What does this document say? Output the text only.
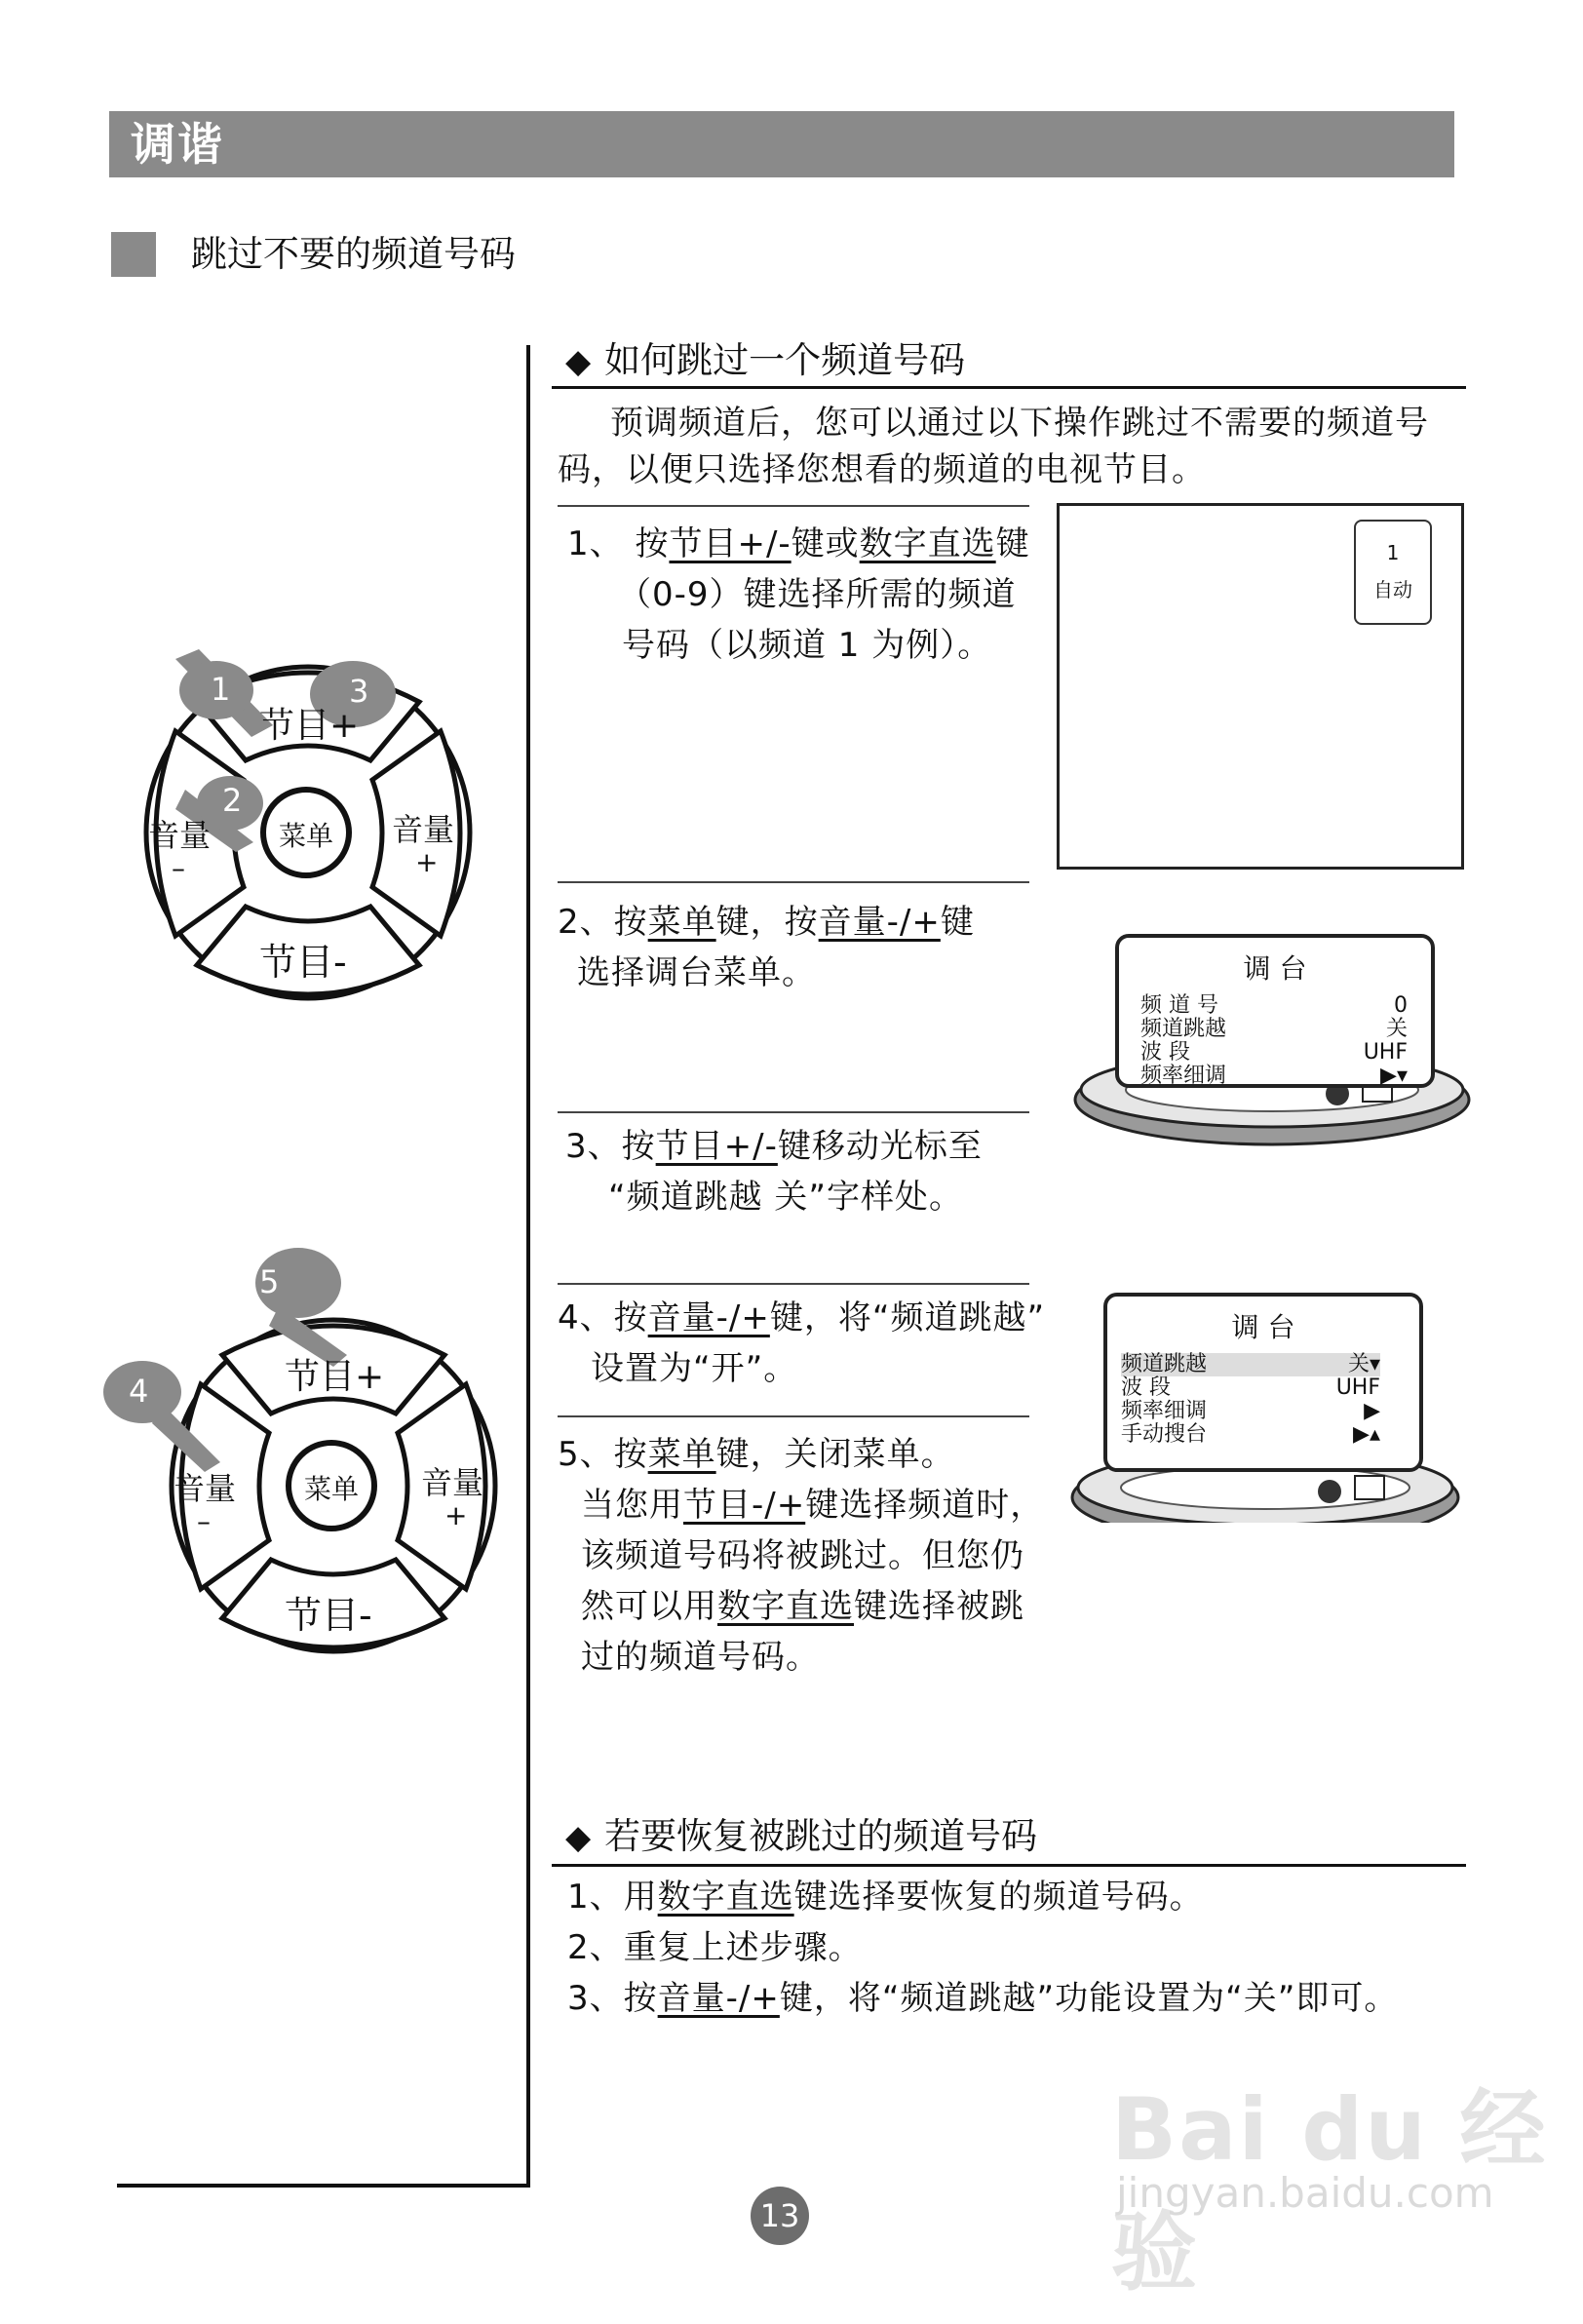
调谐
跳过不要的频道号码
◆ 如何跳过一个频道号码
预调频道后，您可以通过以下操作跳过不需要的频道号
码，以便只选择您想看的频道的电视节目。
1、 按节目+/-键或数字直选键
（0-9）键选择所需的频道
号码（以频道 1 为例）。
1
自动
2、按菜单键，按音量-/+键
选择调台菜单。	调 台
频 道 号	0
频道跳越	关
波 段	UHF
频率细调	▶▾
3、按节目+/-键移动光标至
“频道跳越 关”字样处。
4、按音量-/+键，将“频道跳越”
设置为“开”。
调 台
频道跳越	关▾
波 段	UHF
频率细调	▶
手动搜台	▶▴
5、按菜单键，关闭菜单。
当您用节目-/+键选择频道时，
该频道号码将被跳过。但您仍
然可以用数字直选键选择被跳
过的频道号码。
◆ 若要恢复被跳过的频道号码
1、用数字直选键选择要恢复的频道号码。
2、重复上述步骤。
3、按音量-/+键，将“频道跳越”功能设置为“关”即可。
节目+
节目-
音量
–
音量
+
菜单
1
2
3
节目+
节目-
音量
–
音量
+
菜单
4
5
13
Bai du 经验
jingyan.baidu.com
